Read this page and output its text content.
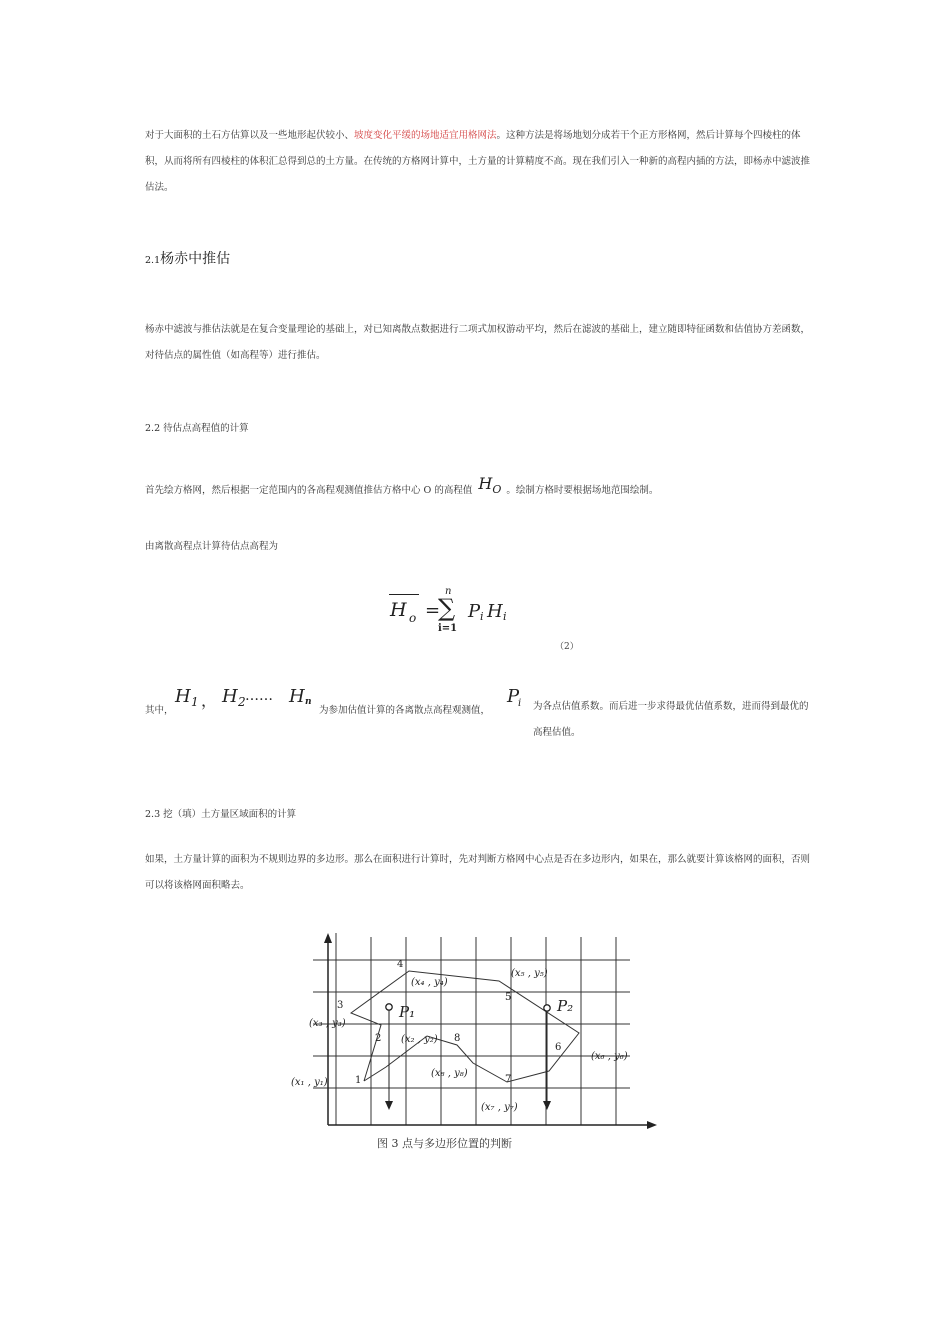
对于大面积的土石方估算以及一些地形起伏较小、坡度变化平缓的场地适宜用格网法。这种方法是将场地划分成若干个正方形格网，然后计算每个四棱柱的体积，从而将所有四棱柱的体积汇总得到总的土方量。在传统的方格网计算中，土方量的计算精度不高。现在我们引入一种新的高程内插的方法，即杨赤中滤波推估法。
2.1杨赤中推估
杨赤中滤波与推估法就是在复合变量理论的基础上，对已知离散点数据进行二项式加权游动平均，然后在滤波的基础上，建立随即特征函数和估值协方差函数，对待估点的属性值（如高程等）进行推估。
2.2 待估点高程值的计算
首先绘方格网，然后根据一定范围内的各高程观测值推估方格中心 O 的高程值 H O 。绘制方格时要根据场地范围绘制。
由离散高程点计算待估点高程为
H o =
n
∑
i=1
P i H i
（2）
其中，
H 1 ， H 2 …… H n
为参加估值计算的各离散点高程观测值，
P
i 为各点估值系数。而后进一步求得最优估值系数，进而得到最优的高程估值。
2.3 挖（填）土方量区域面积的计算
如果，土方量计算的面积为不规则边界的多边形。那么在面积进行计算时，先对判断方格网中心点是否在多边形内，如果在，那么就要计算该格网的面积，否则可以将该格网面积略去。
P₁	P₂
1
2
3
4
5
6
7
8
(x₁ , y₁)
(x₂ , y₂)
(x₃ , y₃)
(x₄ , y₄)
(x₅ , y₅)
(x₆ , y₆)
(x₇ , y₇)
(x₈ , y₈)
图 3 点与多边形位置的判断
